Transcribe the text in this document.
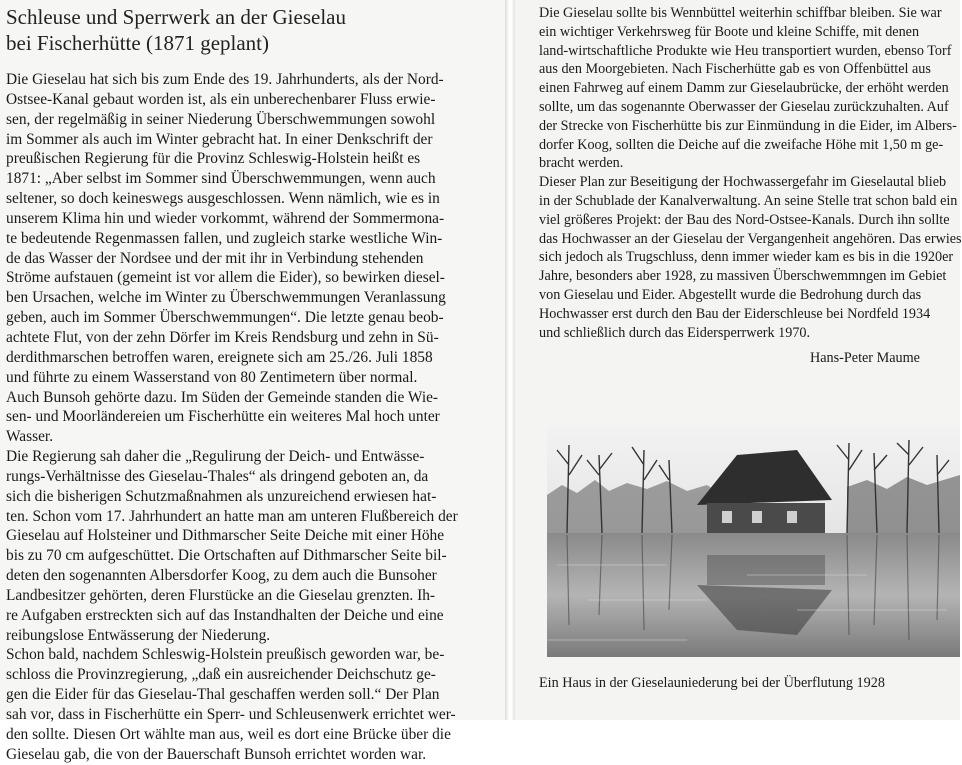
Schleuse und Sperrwerk an der Gieselau
bei Fischerhütte (1871 geplant)
Die Gieselau hat sich bis zum Ende des 19. Jahrhunderts, als der Nord-
Ostsee-Kanal gebaut worden ist, als ein unberechenbarer Fluss erwie-
sen, der regelmäßig in seiner Niederung Überschwemmungen sowohl
im Sommer als auch im Winter gebracht hat. In einer Denkschrift der
preußischen Regierung für die Provinz Schleswig-Holstein heißt es
1871: „Aber selbst im Sommer sind Überschwemmungen, wenn auch
seltener, so doch keineswegs ausgeschlossen. Wenn nämlich, wie es in
unserem Klima hin und wieder vorkommt, während der Sommermona-
te bedeutende Regenmassen fallen, und zugleich starke westliche Win-
de das Wasser der Nordsee und der mit ihr in Verbindung stehenden
Ströme aufstauen (gemeint ist vor allem die Eider), so bewirken diesel-
ben Ursachen, welche im Winter zu Überschwemmungen Veranlassung
geben, auch im Sommer Überschwemmungen“. Die letzte genau beob-
achtete Flut, von der zehn Dörfer im Kreis Rendsburg und zehn in Sü-
derdithmarschen betroffen waren, ereignete sich am 25./26. Juli 1858
und führte zu einem Wasserstand von 80 Zentimetern über normal.
Auch Bunsoh gehörte dazu. Im Süden der Gemeinde standen die Wie-
sen- und Moorländereien um Fischerhütte ein weiteres Mal hoch unter
Wasser.
Die Regierung sah daher die „Regulirung der Deich- und Entwässe-
rungs-Verhältnisse des Gieselau-Thales“ als dringend geboten an, da
sich die bisherigen Schutzmaßnahmen als unzureichend erwiesen hat-
ten. Schon vom 17. Jahrhundert an hatte man am unteren Flußbereich der
Gieselau auf Holsteiner und Dithmarscher Seite Deiche mit einer Höhe
bis zu 70 cm aufgeschüttet. Die Ortschaften auf Dithmarscher Seite bil-
deten den sogenannten Albersdorfer Koog, zu dem auch die Bunsoher
Landbesitzer gehörten, deren Flurstücke an die Gieselau grenzten. Ih-
re Aufgaben erstreckten sich auf das Instandhalten der Deiche und eine
reibungslose Entwässerung der Niederung.
Schon bald, nachdem Schleswig-Holstein preußisch geworden war, be-
schloss die Provinzregierung, „daß ein ausreichender Deichschutz ge-
gen die Eider für das Gieselau-Thal geschaffen werden soll.“ Der Plan
sah vor, dass in Fischerhütte ein Sperr- und Schleusenwerk errichtet wer-
den sollte. Diesen Ort wählte man aus, weil es dort eine Brücke über die
Gieselau gab, die von der Bauerschaft Bunsoh errichtet worden war.
Die Gieselau sollte bis Wennbüttel weiterhin schiffbar bleiben. Sie war
ein wichtiger Verkehrsweg für Boote und kleine Schiffe, mit denen
land-wirtschaftliche Produkte wie Heu transportiert wurden, ebenso Torf
aus den Moorgebieten. Nach Fischerhütte gab es von Offenbüttel aus
einen Fahrweg auf einem Damm zur Gieselaubrücke, der erhöht werden
sollte, um das sogenannte Oberwasser der Gieselau zurückzuhalten. Auf
der Strecke von Fischerhütte bis zur Einmündung in die Eider, im Albers-
dorfer Koog, sollten die Deiche auf die zweifache Höhe mit 1,50 m ge-
bracht werden.
Dieser Plan zur Beseitigung der Hochwassergefahr im Gieselautal blieb
in der Schublade der Kanalverwaltung. An seine Stelle trat schon bald ein
viel größeres Projekt: der Bau des Nord-Ostsee-Kanals. Durch ihn sollte
das Hochwasser an der Gieselau der Vergangenheit angehören. Das erwies
sich jedoch als Trugschluss, denn immer wieder kam es bis in die 1920er
Jahre, besonders aber 1928, zu massiven Überschwemmngen im Gebiet
von Gieselau und Eider. Abgestellt wurde die Bedrohung durch das
Hochwasser erst durch den Bau der Eiderschleuse bei Nordfeld 1934
und schließlich durch das Eidersperrwerk 1970.
Hans-Peter Maume
Ein Haus in der Gieselauniederung bei der Überflutung 1928
